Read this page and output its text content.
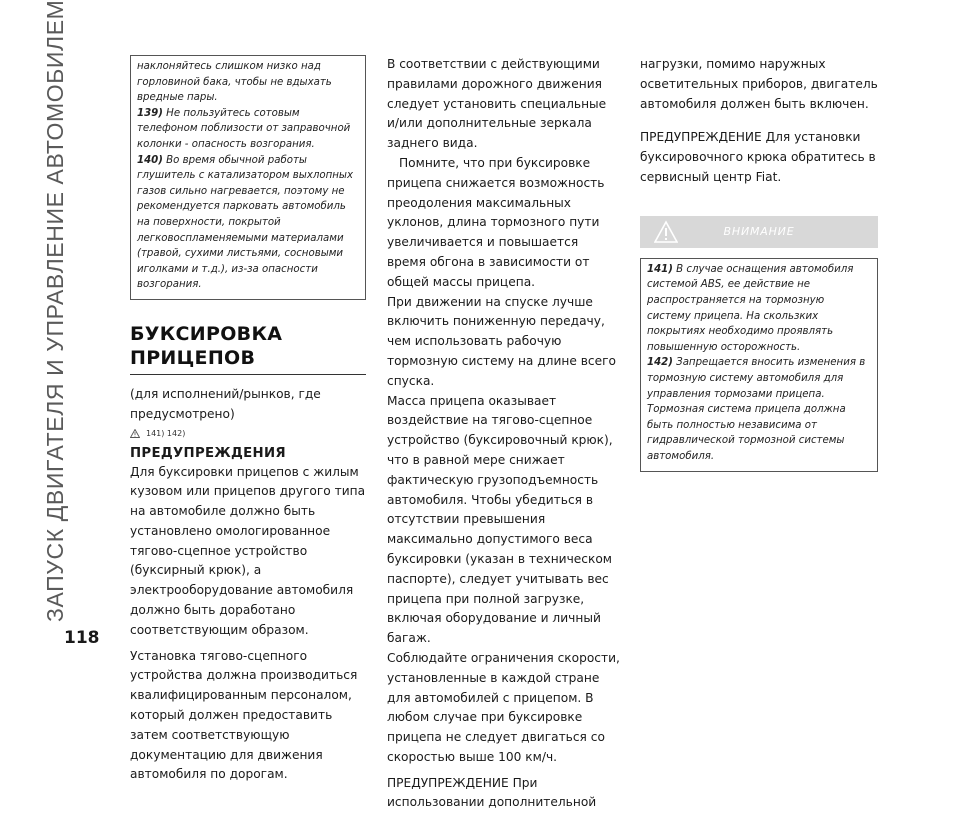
ЗАПУСК ДВИГАТЕЛЯ И УПРАВЛЕНИЕ АВТОМОБИЛЕМ
118

наклоняйтесь слишком низко над горловиной бака, чтобы не вдыхать вредные пары.

139) Не пользуйтесь сотовым телефоном поблизости от заправочной колонки - опасность возгорания.

140) Во время обычной работы глушитель с катализатором выхлопных газов сильно нагревается, поэтому не рекомендуется парковать автомобиль на поверхности, покрытой легковоспламеняемыми материалами (травой, сухими листьями, сосновыми иголками и т.д.), из-за опасности возгорания.

БУКСИРОВКА
ПРИЦЕПОВ

(для исполнений/рынков, где предусмотрено)

141) 142)
ПРЕДУПРЕЖДЕНИЯ

Для буксировки прицепов с жилым кузовом или прицепов другого типа на автомобиле должно быть установлено омологированное тягово-сцепное устройство (буксирный крюк), а электрооборудование автомобиля должно быть доработано соответствующим образом.

Установка тягово-сцепного устройства должна производиться квалифицированным персоналом, который должен предоставить затем соответствующую документацию для движения автомобиля по дорогам.

В соответствии с действующими правилами дорожного движения следует установить специальные и/или дополнительные зеркала заднего вида.

Помните, что при буксировке прицепа снижается возможность преодоления максимальных уклонов, длина тормозного пути увеличивается и повышается время обгона в зависимости от общей массы прицепа.

При движении на спуске лучше включить пониженную передачу, чем использовать рабочую тормозную систему на длине всего спуска.

Масса прицепа оказывает воздействие на тягово-сцепное устройство (буксировочный крюк), что в равной мере снижает фактическую грузоподъемность автомобиля. Чтобы убедиться в отсутствии превышения максимально допустимого веса буксировки (указан в техническом паспорте), следует учитывать вес прицепа при полной загрузке, включая оборудование и личный багаж.

Соблюдайте ограничения скорости, установленные в каждой стране для автомобилей с прицепом. В любом случае при буксировке прицепа не следует двигаться со скоростью выше 100 км/ч.

ПРЕДУПРЕЖДЕНИЕ При использовании дополнительной

нагрузки, помимо наружных осветительных приборов, двигатель автомобиля должен быть включен.

ПРЕДУПРЕЖДЕНИЕ Для установки буксировочного крюка обратитесь в сервисный центр Fiat.

ВНИМАНИЕ

141) В случае оснащения автомобиля системой ABS, ее действие не распространяется на тормозную систему прицепа. На скользких покрытиях необходимо проявлять повышенную осторожность.

142) Запрещается вносить изменения в тормозную систему автомобиля для управления тормозами прицепа. Тормозная система прицепа должна быть полностью независима от гидравлической тормозной системы автомобиля.
